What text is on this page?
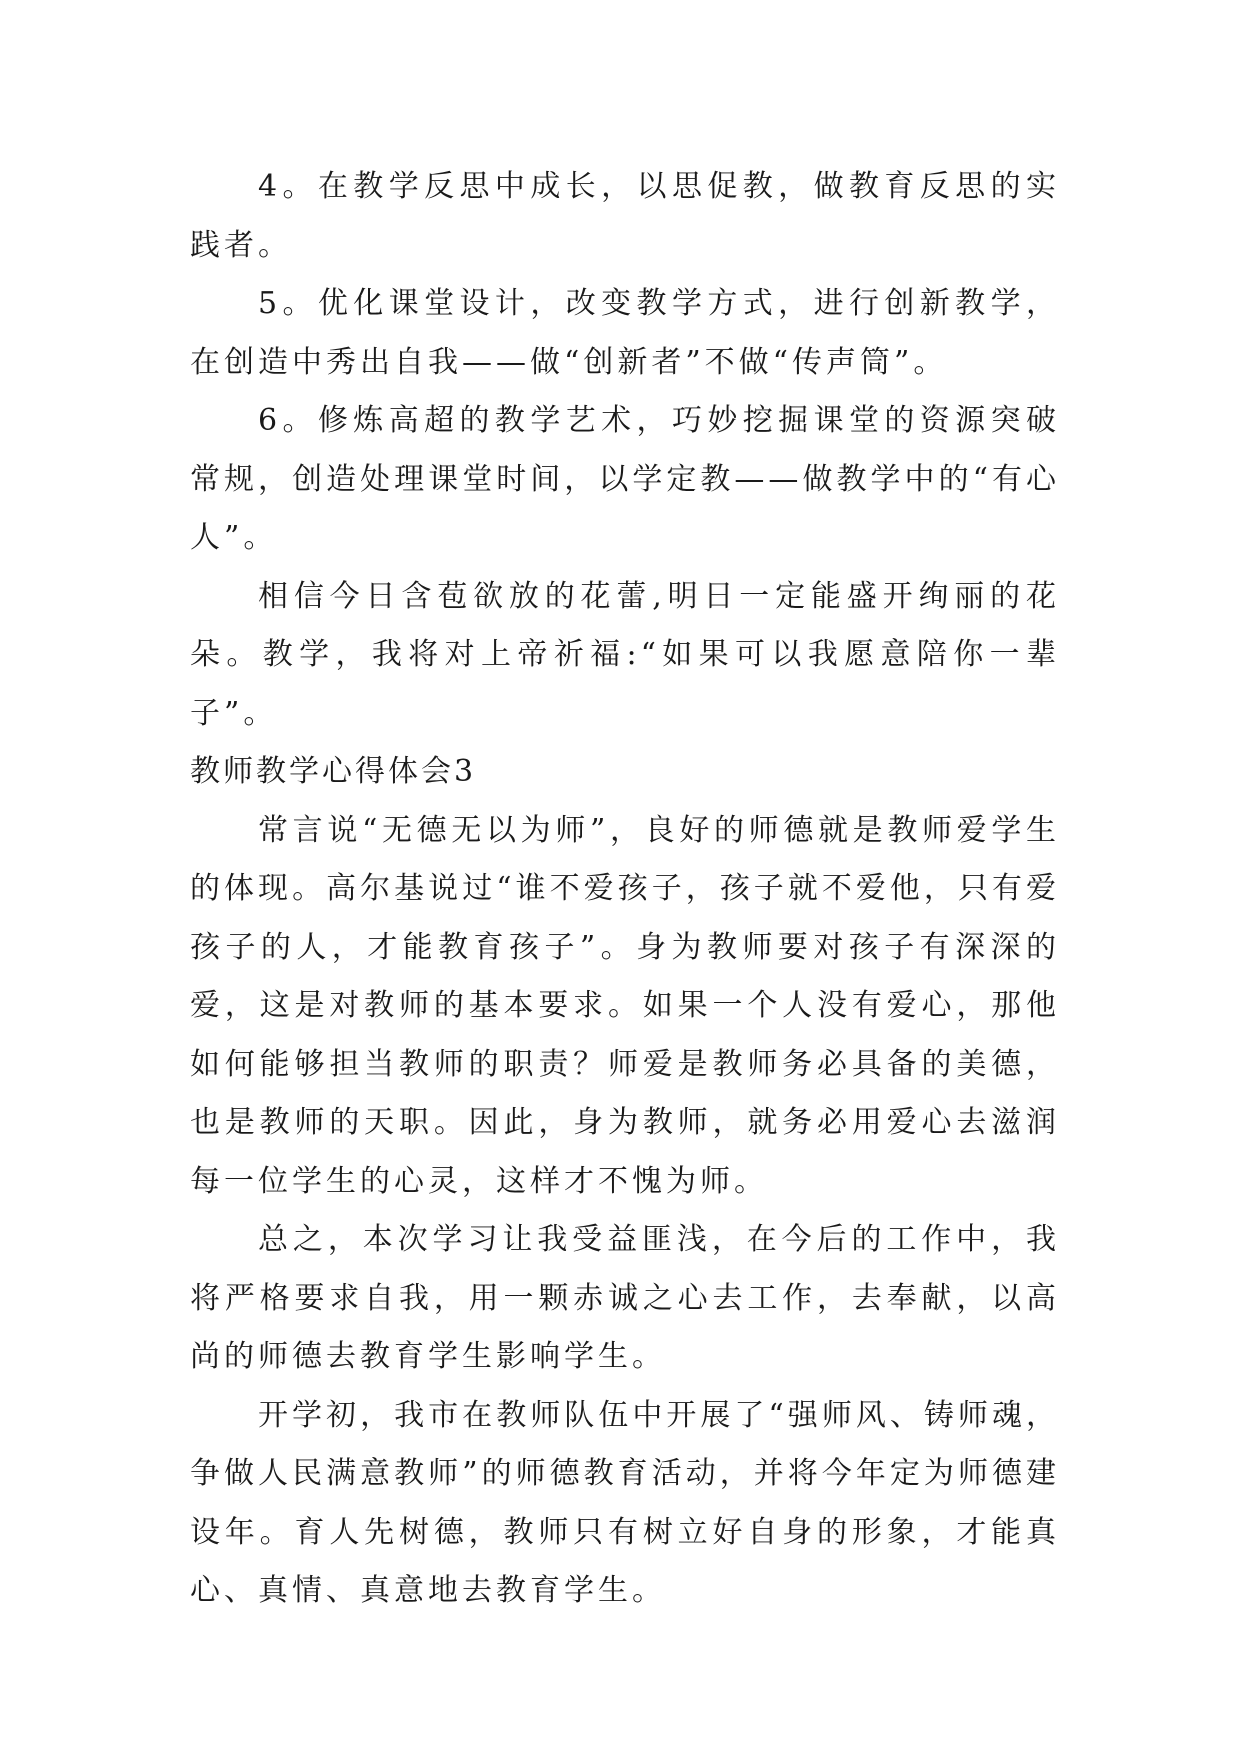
4。在教学反思中成长，以思促教，做教育反思的实践者。

5。优化课堂设计，改变教学方式，进行创新教学，在创造中秀出自我——做“创新者”不做“传声筒”。

6。修炼高超的教学艺术，巧妙挖掘课堂的资源突破常规，创造处理课堂时间，以学定教——做教学中的“有心人”。

相信今日含苞欲放的花蕾,明日一定能盛开绚丽的花朵。教学，我将对上帝祈福:“如果可以我愿意陪你一辈子”。

教师教学心得体会3

常言说“无德无以为师”，良好的师德就是教师爱学生的体现。高尔基说过“谁不爱孩子，孩子就不爱他，只有爱孩子的人，才能教育孩子”。身为教师要对孩子有深深的爱，这是对教师的基本要求。如果一个人没有爱心，那他如何能够担当教师的职责？师爱是教师务必具备的美德，也是教师的天职。因此，身为教师，就务必用爱心去滋润每一位学生的心灵，这样才不愧为师。

总之，本次学习让我受益匪浅，在今后的工作中，我将严格要求自我，用一颗赤诚之心去工作，去奉献，以高尚的师德去教育学生影响学生。

开学初，我市在教师队伍中开展了“强师风、铸师魂，争做人民满意教师”的师德教育活动，并将今年定为师德建设年。育人先树德，教师只有树立好自身的形象，才能真心、真情、真意地去教育学生。
